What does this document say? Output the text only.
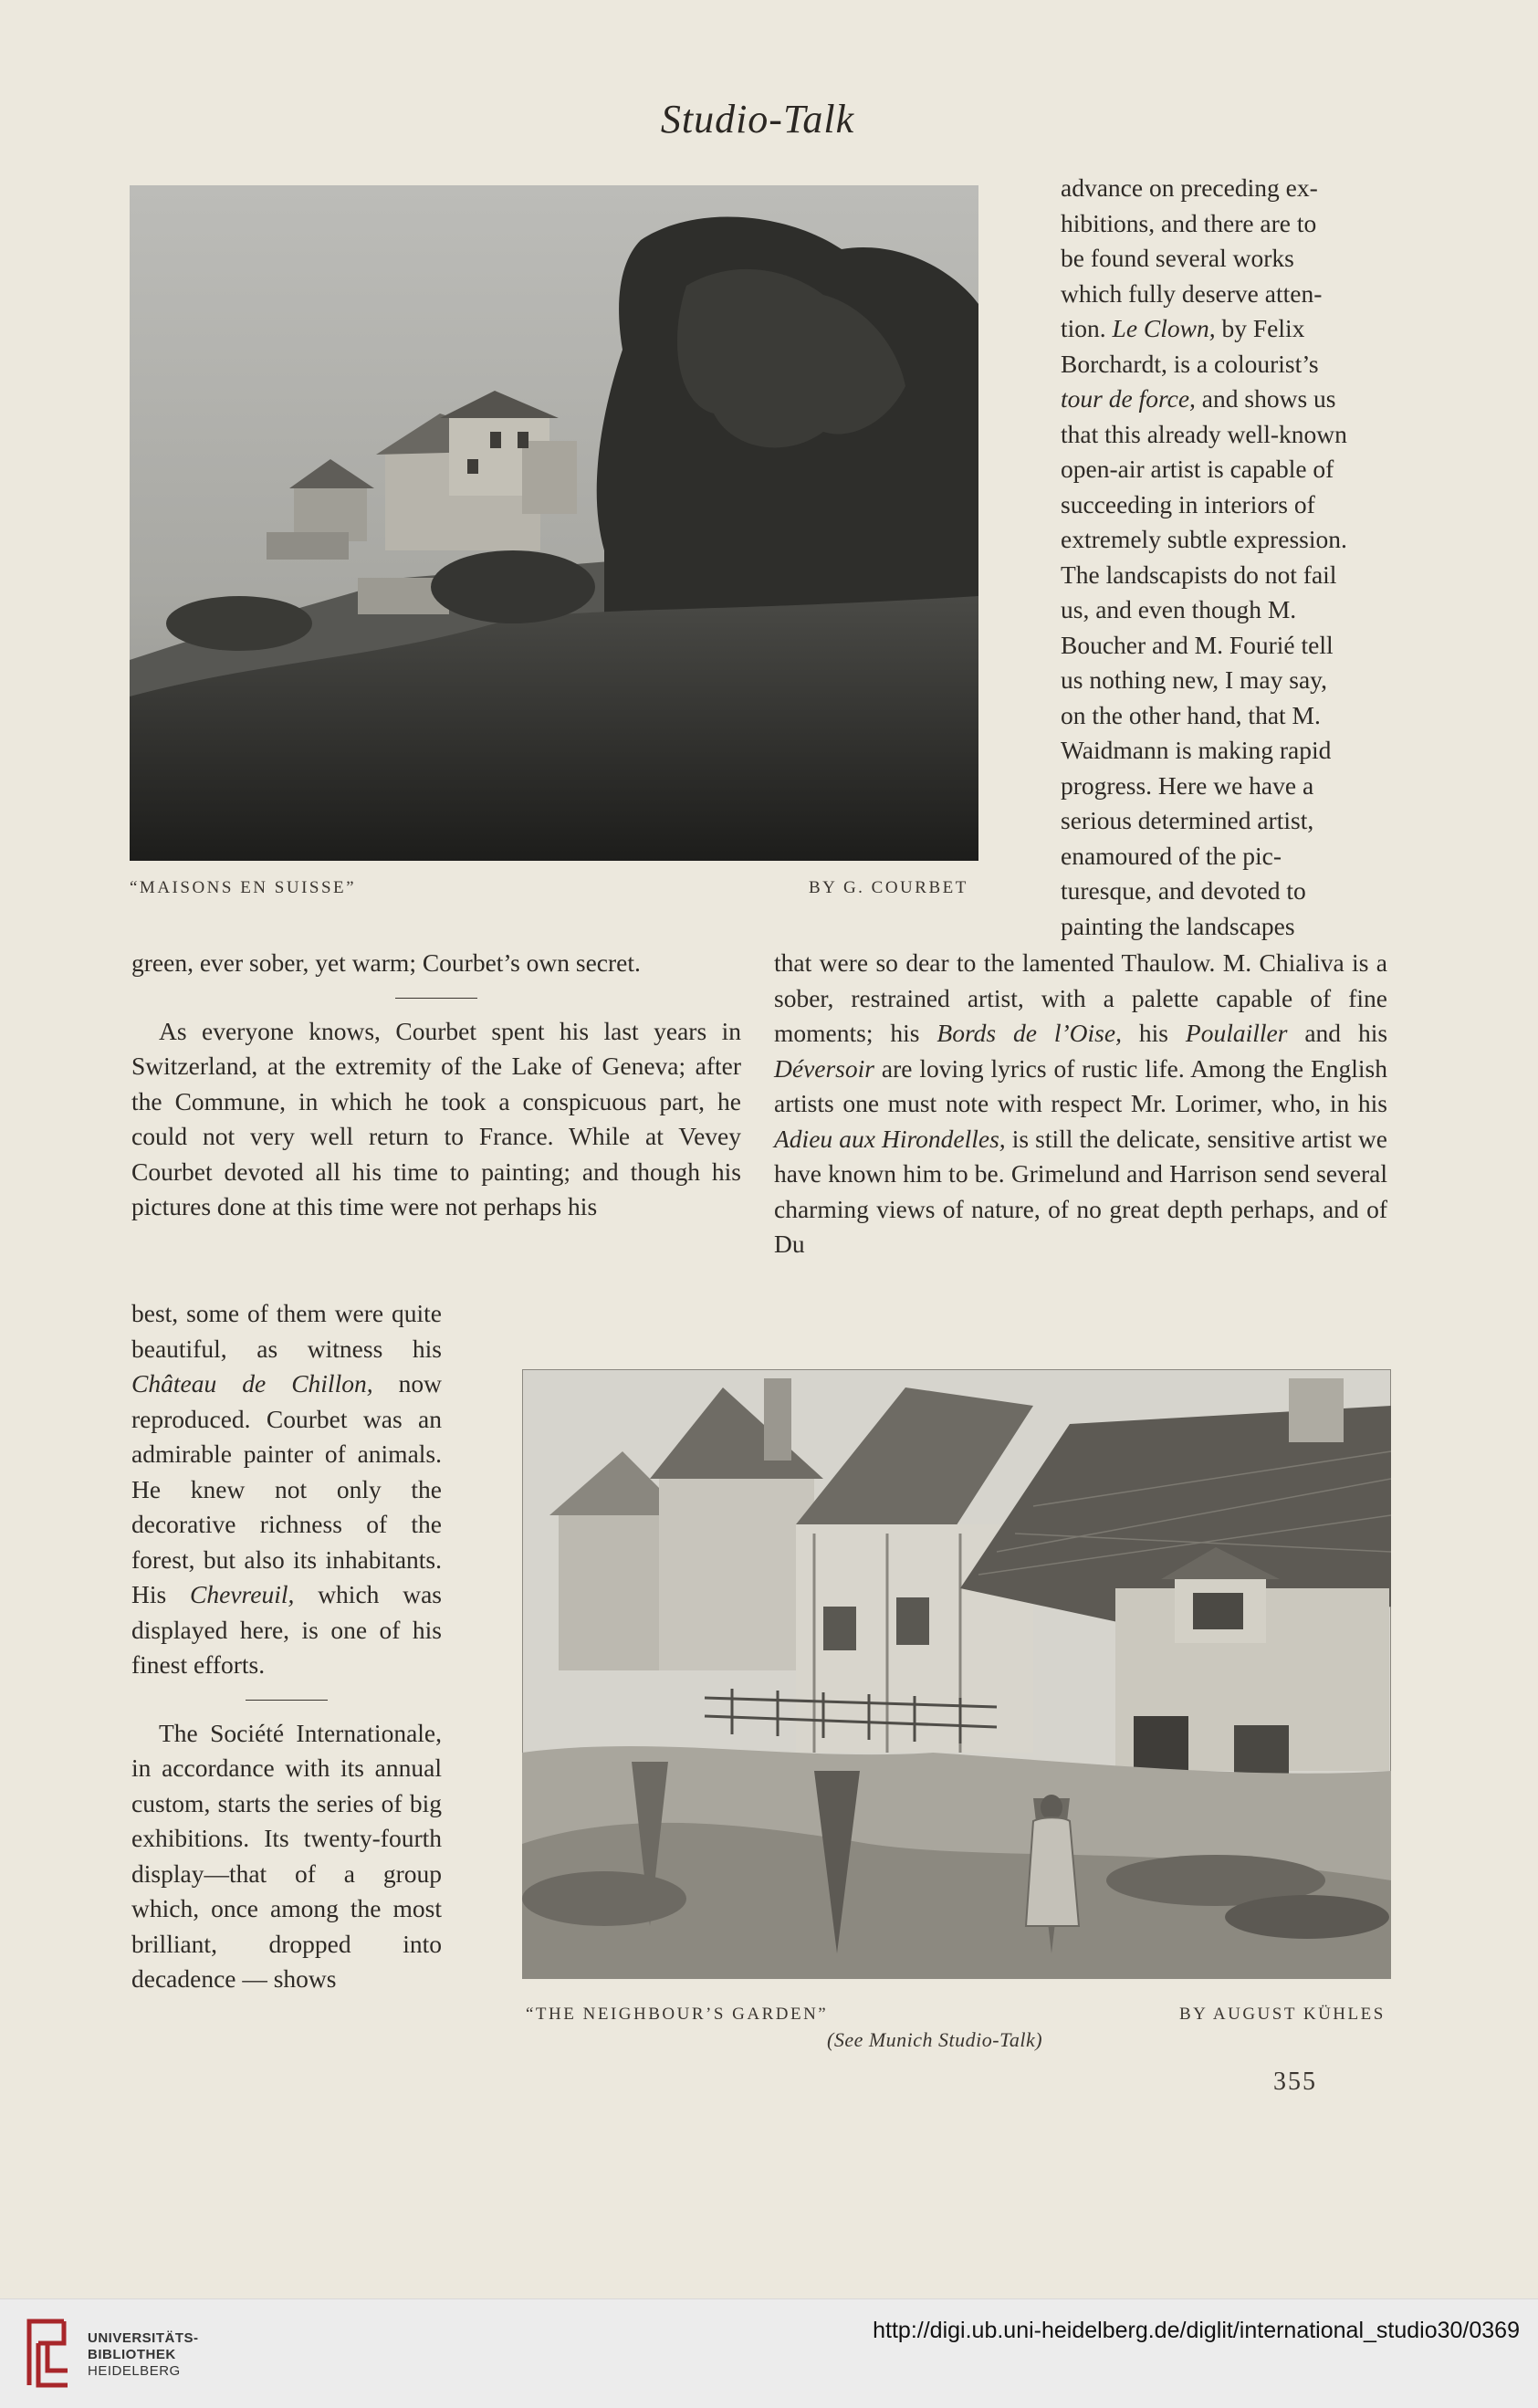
Studio-Talk
“MAISONS EN SUISSE”	BY G. COURBET

advance on preceding ex-

hibitions, and there are to

be found several works

which fully deserve atten-

tion. Le Clown, by Felix

Borchardt, is a colourist’s

tour de force, and shows us

that this already well-known

open-air artist is capable of

succeeding in interiors of

extremely subtle expression.

The landscapists do not fail

us, and even though M.

Boucher and M. Fourié tell

us nothing new, I may say,

on the other hand, that M.

Waidmann is making rapid

progress. Here we have a

serious determined artist,

enamoured of the pic-

turesque, and devoted to

painting the landscapes

green, ever sober, yet warm; Courbet’s own secret.

As everyone knows, Courbet spent his last years in Switzerland, at the extremity of the Lake of Geneva; after the Commune, in which he took a conspicuous part, he could not very well return to France. While at Vevey Courbet devoted all his time to painting; and though his pictures done at this time were not perhaps his

best, some of them were quite beautiful, as witness his Château de Chillon, now reproduced. Courbet was an admirable painter of animals. He knew not only the decorative richness of the forest, but also its inhabitants. His Chevreuil, which was displayed here, is one of his finest efforts.

The Société Internationale, in accordance with its annual custom, starts the series of big exhibitions. Its twenty-fourth display—that of a group which, once among the most brilliant, dropped into decadence — shows

that were so dear to the lamented Thaulow. M. Chialiva is a sober, restrained artist, with a palette capable of fine moments; his Bords de l’Oise, his Poulailler and his Déversoir are loving lyrics of rustic life. Among the English artists one must note with respect Mr. Lorimer, who, in his Adieu aux Hirondelles, is still the delicate, sensitive artist we have known him to be. Grimelund and Harrison send several charming views of nature, of no great depth perhaps, and of Du

“THE NEIGHBOUR’S GARDEN”	BY AUGUST KÜHLES
(See Munich Studio-Talk)
355
UNIVERSITÄTS-
BIBLIOTHEK
HEIDELBERG
http://digi.ub.uni-heidelberg.de/diglit/international_studio30/0369
